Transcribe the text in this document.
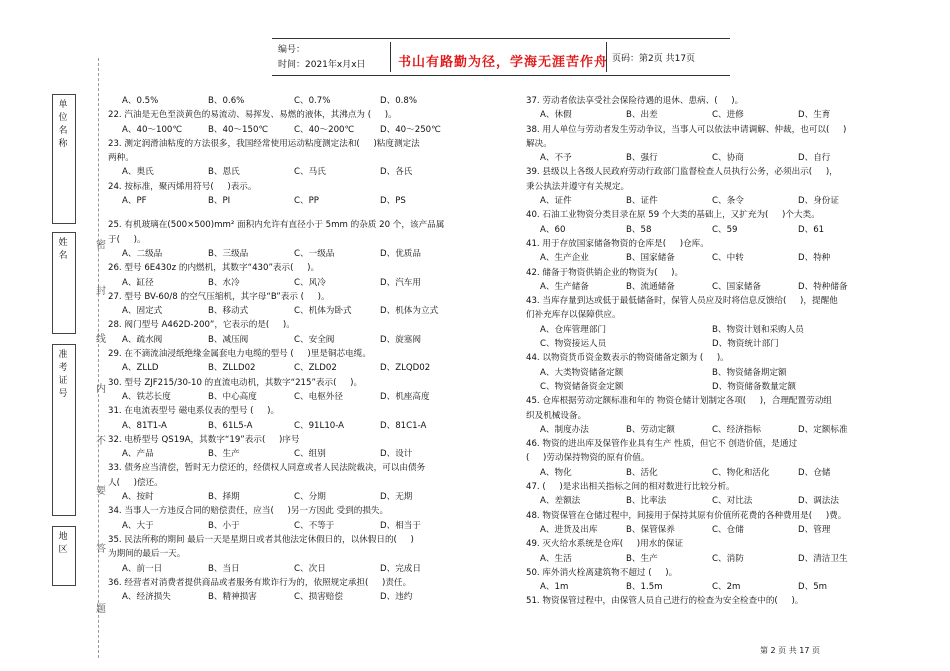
编号：
时间：2021年x月x日 书山有路勤为径，学海无涯苦作舟 页码：第2页 共17页
单位名称
姓名
准考证号
地区
密
封
线
内
不
要
答
题
A、0.5%	B、0.6%	C、0.7%	D、0.8%

22. 汽油是无色至淡黄色的易流动、易挥发、易燃的液体，其沸点为 (     )。

A、40～100℃	B、40～150℃	C、40～200℃	D、40～250℃

23. 测定润滑油粘度的方法很多，我国经常使用运动粘度测定法和(     )粘度测定法

两种。

A、奥氏	B、恩氏	C、马氏	D、各氏

24. 按标准，聚丙烯用符号(     )表示。

A、PF	B、PI	C、PP	D、PS

25. 有机玻璃在(500×500)mm² 面积内允许有直径小于 5mm 的杂质 20 个，该产品属

于(     )。

A、二级品	B、三级品	C、一级品	D、优质品

26. 型号 6E430z 的内燃机，其数字“430”表示(     )。

A、缸径	B、水冷	C、风冷	D、汽车用

27. 型号 BV-60/8 的空气压缩机，其字母“B”表示 (     )。

A、固定式	B、移动式	C、机体为卧式	D、机体为立式

28. 阀门型号 A462D-200”，它表示的是(     )。

A、疏水阀	B、减压阀	C、安全阀	D、旋塞阀

29. 在不滴流油浸纸绝缘金属套电力电缆的型号 (     )里是铜芯电缆。

A、ZLLD	B、ZLLD02	C、ZLD02	D、ZLQD02

30. 型号 ZJF215/30-10 的直流电动机，其数字“215”表示(     )。

A、铁芯长度	B、中心高度	C、电枢外径	D、机座高度

31. 在电流表型号 磁电系仪表的型号 (     )。

A、81T1-A	B、61L5-A	C、91L10-A	D、81C1-A

32. 电桥型号 QS19A，其数字“19”表示(     )序号

A、产品	B、生产	C、组别	D、设计

33. 债务应当清偿，暂时无力偿还的，经债权人同意或者人民法院裁决，可以由债务

人(     )偿还。

A、按时	B、择期	C、分期	D、无期

34. 当事人一方违反合同的赔偿责任，应当(     )另一方因此 受到的损失。

A、大于	B、小于	C、不等于	D、相当于

35. 民法所称的期间 最后一天是星期日或者其他法定休假日的，以休假日的(     )

为期间的最后一天。

A、前一日	B、当日	C、次日	D、完成日

36. 经营者对消费者提供商品或者服务有欺诈行为的，依照规定承担(     )责任。

A、经济损失	B、精神损害	C、损害赔偿	D、违约

37. 劳动者依法享受社会保险待遇的退休、患病、(     )。

A、休假	B、出差	C、进修	D、生育

38. 用人单位与劳动者发生劳动争议，当事人可以依法申请调解、仲裁，也可以(     )

解决。

A、不予	B、强行	C、协商	D、自行

39. 县级以上各级人民政府劳动行政部门监督检查人员执行公务，必须出示(     )，

秉公执法并遵守有关规定。

A、证件	B、证件	C、条令	D、身份证

40. 石油工业物资分类目录在原 59 个大类的基础上，又扩充为(     )个大类。

A、60	B、58	C、59	D、61

41. 用于存放国家储备物资的仓库是(     )仓库。

A、生产企业	B、国家储备	C、中转	D、特种

42. 储备于物资供销企业的物资为(     )。

A、生产储备	B、流通储备	C、国家储备	D、特种储备

43. 当库存量到达或低于最低储备时，保管人员应及时将信息反馈给(     )，提醒他

们补充库存以保障供应。

A、仓库管理部门	B、物资计划和采购人员
C、物资接运人员	D、物资统计部门

44. 以物资货币资金数表示的物资储备定额为 (     )。

A、大类物资储备定额	B、物资储备期定额
C、物资储备资金定额	D、物资储备数量定额

45. 仓库根据劳动定额标准和年的 物资仓储计划制定各项(     )，合理配置劳动组

织及机械设备。

A、制度办法	B、劳动定额	C、经济指标	D、定额标准

46. 物资的进出库及保管作业具有生产 性质，但它不 创造价值，是通过

(     )劳动保持物资的原有价值。

A、物化	B、活化	C、物化和活化	D、仓储

47. (     )是求出相关指标之间的相对数进行比较分析。

A、差额法	B、比率法	C、对比法	D、调法法

48. 物资保管在仓储过程中，间接用于保持其原有价值所花费的各种费用是(     )费。

A、进货及出库	B、保管保养	C、仓储	D、管理

49. 灭火给水系统是仓库(     )用水的保证

A、生活	B、生产	C、消防	D、清洁卫生

50. 库外消火栓离建筑物不超过 (     )。

A、1m	B、1.5m	C、2m	D、5m

51. 物资保管过程中，由保管人员自己进行的检查为安全检查中的(     )。

第 2 页 共 17 页
